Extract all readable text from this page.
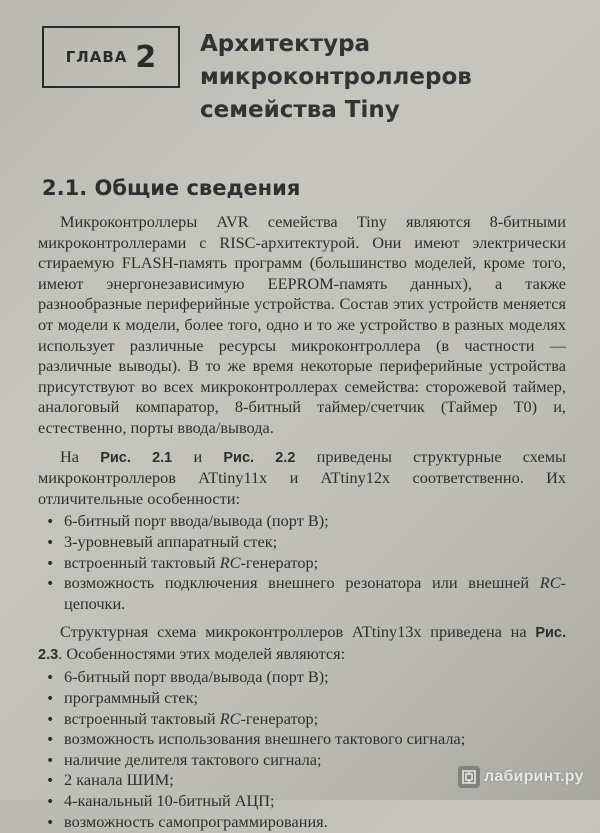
ГЛАВА 2 Архитектура
микроконтроллеров
семейства Tiny
2.1. Общие сведения

Микроконтроллеры AVR семейства Tiny являются 8-битными микроконтроллерами с RISC-архитектурой. Они имеют электрически стираемую FLASH-память программ (большинство моделей, кроме того, имеют энергонезависимую EEPROM-память данных), а также разнообразные периферийные устройства. Состав этих устройств меняется от модели к модели, более того, одно и то же устройство в разных моделях использует различные ресурсы микроконтроллера (в частности — различные выводы). В то же время некоторые периферийные устройства присутствуют во всех микроконтроллерах семейства: сторожевой таймер, аналоговый компаратор, 8-битный таймер/счетчик (Таймер T0) и, естественно, порты ввода/вывода.

На Рис. 2.1 и Рис. 2.2 приведены структурные схемы микроконтроллеров ATtiny11x и ATtiny12x соответственно. Их отличительные особенности:

•
6-битный порт ввода/вывода (порт B);
•
3-уровневый аппаратный стек;
•
встроенный тактовый RC-генератор;
•
возможность подключения внешнего резонатора или внешней RC-цепочки.

Структурная схема микроконтроллеров ATtiny13x приведена на Рис. 2.3. Особенностями этих моделей являются:

•
6-битный порт ввода/вывода (порт B);
•
программный стек;
•
встроенный тактовый RC-генератор;
•
возможность использования внешнего тактового сигнала;
•
наличие делителя тактового сигнала;
•
2 канала ШИМ;
•
4-канальный 10-битный АЦП;
•
возможность самопрограммирования.
лабиринт.ру
